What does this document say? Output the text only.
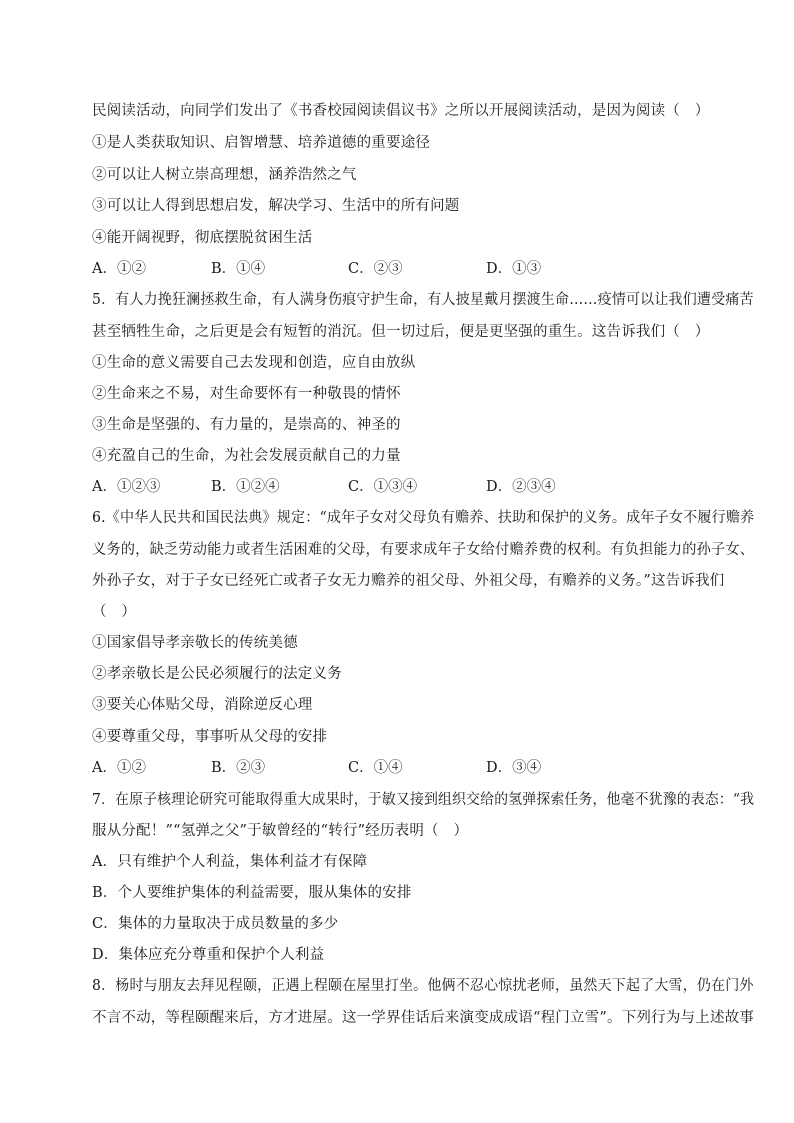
民阅读活动，向同学们发出了《书香校园阅读倡议书》之所以开展阅读活动，是因为阅读（　）
①是人类获取知识、启智增慧、培养道德的重要途径
②可以让人树立崇高理想，涵养浩然之气
③可以让人得到思想启发，解决学习、生活中的所有问题
④能开阔视野，彻底摆脱贫困生活
A．①②	B．①④	C．②③	D．①③
5．有人力挽狂澜拯救生命，有人满身伤痕守护生命，有人披星戴月摆渡生命……疫情可以让我们遭受痛苦
甚至牺牲生命，之后更是会有短暂的消沉。但一切过后，便是更坚强的重生。这告诉我们（　）
①生命的意义需要自己去发现和创造，应自由放纵
②生命来之不易，对生命要怀有一种敬畏的情怀
③生命是坚强的、有力量的，是崇高的、神圣的
④充盈自己的生命，为社会发展贡献自己的力量
A．①②③	B．①②④	C．①③④	D．②③④
6.《中华人民共和国民法典》规定：“成年子女对父母负有赡养、扶助和保护的义务。成年子女不履行赡养
义务的，缺乏劳动能力或者生活困难的父母，有要求成年子女给付赡养费的权利。有负担能力的孙子女、
外孙子女，对于子女已经死亡或者子女无力赡养的祖父母、外祖父母，有赡养的义务。”这告诉我们
（　）
①国家倡导孝亲敬长的传统美德
②孝亲敬长是公民必须履行的法定义务
③要关心体贴父母，消除逆反心理
④要尊重父母，事事听从父母的安排
A．①②	B．②③	C．①④	D．③④
7．在原子核理论研究可能取得重大成果时，于敏又接到组织交给的氢弹探索任务，他毫不犹豫的表态：“我
服从分配！”“氢弹之父”于敏曾经的“转行”经历表明（　）
A．只有维护个人利益，集体利益才有保障
B．个人要维护集体的利益需要，服从集体的安排
C．集体的力量取决于成员数量的多少
D．集体应充分尊重和保护个人利益
8．杨时与朋友去拜见程颐，正遇上程颐在屋里打坐。他俩不忍心惊扰老师，虽然天下起了大雪，仍在门外
不言不动，等程颐醒来后，方才进屋。这一学界佳话后来演变成成语“程门立雪”。下列行为与上述故事
